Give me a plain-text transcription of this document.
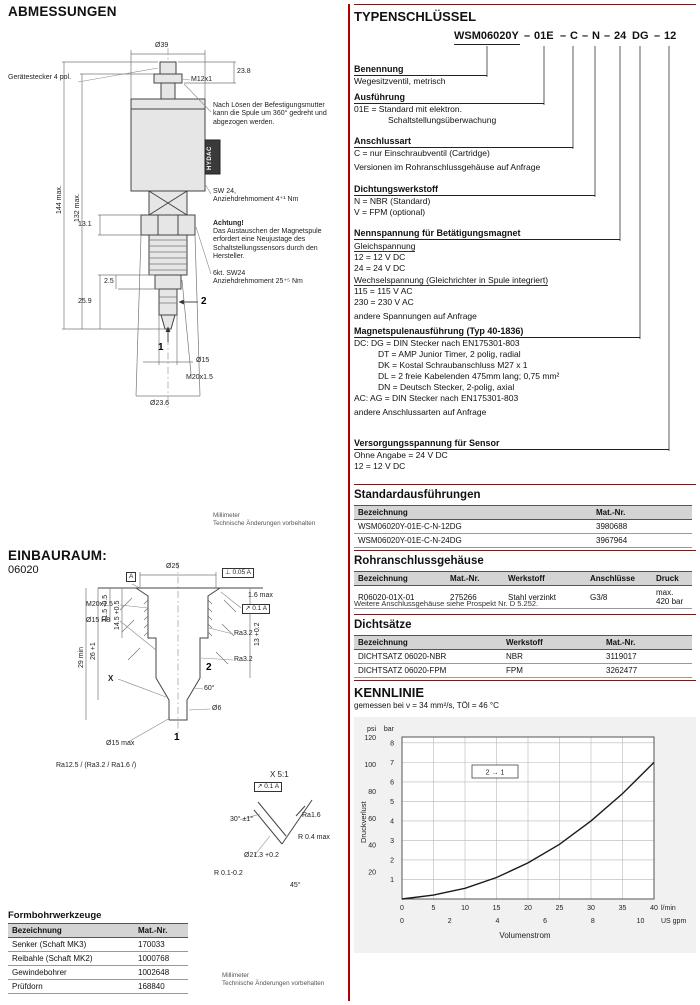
ABMESSUNGEN
Ø39
Gerätestecker 4 pol.	M12x1
23.8
Nach Lösen der Befestigungsmutter kann die Spule um 360° gedreht und abgezogen werden.
SW 24,
Anziehdrehmoment 4⁺¹ Nm
Achtung!
Das Austauschen der Magnetspule erfordert eine Neujustage des Schaltstellungssensors durch den Hersteller.
144 max. 132 max.
13.1
25.9
2.5
HYDAC
6kt. SW24
Anziehdrehmoment 25⁺⁵ Nm
2
1
Ø15
M20x1.5
Ø23.6
Millimeter
Technische Änderungen vorbehalten
EINBAURAUM:
06020	Ø25
A
⊥ 0.05 A
M20x1.5
Ø15 H8
1.6 max
↗ 0.1 A
Ra3.2
Ra3.2
14.5 +0.5
11.5 -0.5
26 +1
29 min
13 +0.2
60°
X
2
Ø6
1
Ø15 max
Ra12.5 / (Ra3.2 / Ra1.6 /)
X 5:1
↗ 0.1 A
30° ±1°
Ø21.3 +0.2
Ra1.6
R 0.4 max
R 0.1-0.2
45°
Formbohrwerkzeuge
Bezeichnung	Mat.-Nr.
Senker (Schaft MK3)	170033
Reibahle (Schaft MK2)	1000768
Gewindebohrer	1002648
Prüfdorn	168840
Millimeter
Technische Änderungen vorbehalten
TYPENSCHLÜSSEL
WSM06020Y – 01E – C – N – 24 DG – 12
Benennung
Wegesitzventil, metrisch
Ausführung
01E = Standard mit elektron.
Schaltstellungsüberwachung
Anschlussart
C = nur Einschraubventil (Cartridge)
Versionen im Rohranschlussgehäuse auf Anfrage
Dichtungswerkstoff
N = NBR (Standard)
V = FPM (optional)
Nennspannung für Betätigungsmagnet
Gleichspannung
12 = 12 V DC
24 = 24 V DC
Wechselspannung (Gleichrichter in Spule integriert)
115 = 115 V AC
230 = 230 V AC
andere Spannungen auf Anfrage
Magnetspulenausführung (Typ 40-1836)
DC: DG = DIN Stecker nach EN175301-803
DT = AMP Junior Timer, 2 polig, radial
DK = Kostal Schraubanschluss M27 x 1
DL = 2 freie Kabelenden 475mm lang; 0,75 mm²
DN = Deutsch Stecker, 2-polig, axial
AC: AG = DIN Stecker nach EN175301-803
andere Anschlussarten auf Anfrage
Versorgungsspannung für Sensor
Ohne Angabe = 24 V DC
12 = 12 V DC
Standardausführungen
Bezeichnung	Mat.-Nr.
WSM06020Y-01E-C-N-12DG	3980688
WSM06020Y-01E-C-N-24DG	3967964
Rohranschlussgehäuse
Bezeichnung	Mat.-Nr.	Werkstoff	Anschlüsse	Druck
R06020-01X-01	275266	Stahl verzinkt	G3/8	max. 420 bar
Weitere Anschlussgehäuse siehe Prospekt Nr. D 5.252.
Dichtsätze
Bezeichnung	Werkstoff	Mat.-Nr.
DICHTSATZ 06020-NBR	NBR	3119017
DICHTSATZ 06020-FPM	FPM	3262477
KENNLINIE
gemessen bei ν = 34 mm²/s, TÖl = 46 °C
0	5	10	15	20	25	30	35	40
1
2
3
4
5
6
7
8
20
40
60
80
100
120
0	2	4	6	8	10
psi bar
l/min
US gpm
2 → 1
Druckverlust
Volumenstrom
